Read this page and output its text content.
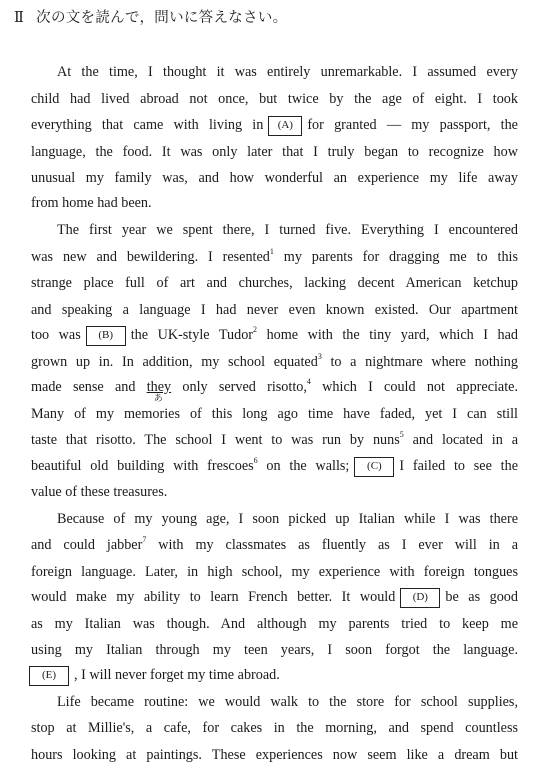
Ⅱ 次の文を読んで，問いに答えなさい。
At the time, I thought it was entirely unremarkable. I assumed every
child had lived abroad not once, but twice by the age of eight. I took
everything that came with living in (A) for granted — my passport, the
language, the food. It was only later that I truly began to recognize how
unusual my family was, and how wonderful an experience my life away
from home had been.
The first year we spent there, I turned five. Everything I encountered
was new and bewildering. I resented$^1$ my parents for dragging me to this
strange place full of art and churches, lacking decent American ketchup
and speaking a language I had never even known existed. Our apartment
too was (B) the UK-style Tudor$^2$ home with the tiny yard, which I had
grown up in. In addition, my school equated$^3$ to a nightmare where nothing
made sense and they
あ
only served risotto,$^4$ which I could not appreciate.
Many of my memories of this long ago time have faded, yet I can still
taste that risotto. The school I went to was run by nuns$^5$ and located in a
beautiful old building with frescoes$^6$ on the walls; (C) I failed to see the
value of these treasures.
Because of my young age, I soon picked up Italian while I was there
and could jabber$^7$ with my classmates as fluently as I ever will in a
foreign language. Later, in high school, my experience with foreign tongues
would make my ability to learn French better. It would (D) be as good
as my Italian was though. And although my parents tried to keep me
using my Italian through my teen years, I soon forgot the language.
(E) , I will never forget my time abroad.
Life became routine: we would walk to the store for school supplies,
stop at Millie's, a cafe, for cakes in the morning, and spend countless
hours looking at paintings. These experiences now seem like a dream but
